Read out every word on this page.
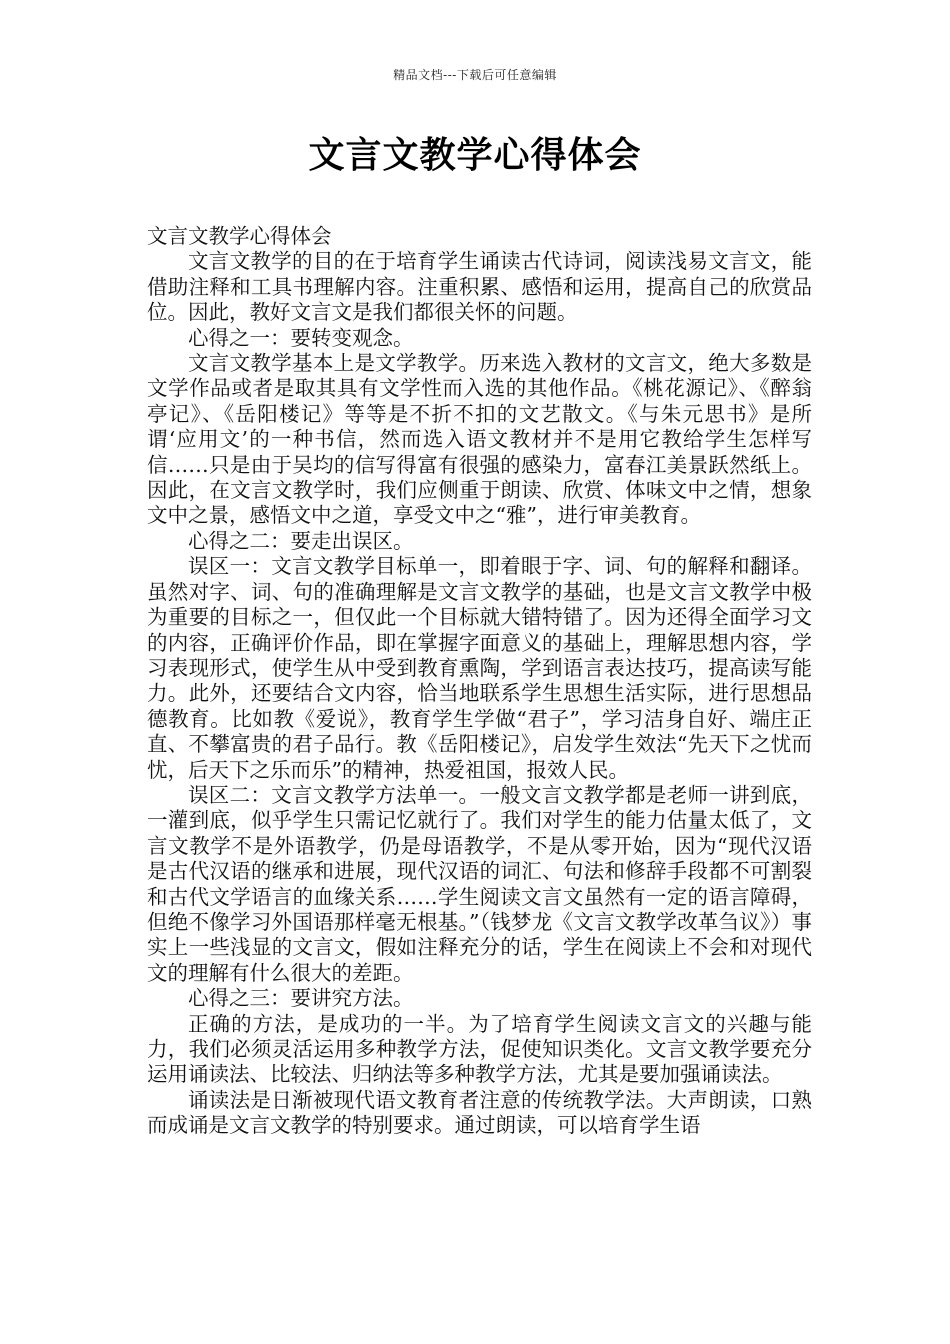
精品文档---下载后可任意编辑
文言文教学心得体会

文言文教学心得体会

文言文教学的目的在于培育学生诵读古代诗词，阅读浅易文言文，能借助注释和工具书理解内容。注重积累、感悟和运用，提高自己的欣赏品位。因此，教好文言文是我们都很关怀的问题。

心得之一：要转变观念。

文言文教学基本上是文学教学。历来选入教材的文言文，绝大多数是文学作品或者是取其具有文学性而入选的其他作品。《桃花源记》、《醉翁亭记》、《岳阳楼记》等等是不折不扣的文艺散文。《与朱元思书》是所谓‘应用文’的一种书信，然而选入语文教材并不是用它教给学生怎样写信……只是由于吴均的信写得富有很强的感染力，富春江美景跃然纸上。因此，在文言文教学时，我们应侧重于朗读、欣赏、体味文中之情，想象文中之景，感悟文中之道，享受文中之“雅”，进行审美教育。

心得之二：要走出误区。

误区一：文言文教学目标单一，即着眼于字、词、句的解释和翻译。虽然对字、词、句的准确理解是文言文教学的基础，也是文言文教学中极为重要的目标之一，但仅此一个目标就大错特错了。因为还得全面学习文的内容，正确评价作品，即在掌握字面意义的基础上，理解思想内容，学习表现形式，使学生从中受到教育熏陶，学到语言表达技巧，提高读写能力。此外，还要结合文内容，恰当地联系学生思想生活实际，进行思想品德教育。比如教《爱说》，教育学生学做“君子”，学习洁身自好、端庄正直、不攀富贵的君子品行。教《岳阳楼记》，启发学生效法“先天下之忧而忧，后天下之乐而乐”的精神，热爱祖国，报效人民。

误区二：文言文教学方法单一。一般文言文教学都是老师一讲到底，一灌到底，似乎学生只需记忆就行了。我们对学生的能力估量太低了，文言文教学不是外语教学，仍是母语教学，不是从零开始，因为“现代汉语是古代汉语的继承和进展，现代汉语的词汇、句法和修辞手段都不可割裂和古代文学语言的血缘关系……学生阅读文言文虽然有一定的语言障碍，但绝不像学习外国语那样毫无根基。”（钱梦龙《文言文教学改革刍议》）事实上一些浅显的文言文，假如注释充分的话，学生在阅读上不会和对现代文的理解有什么很大的差距。

心得之三：要讲究方法。

正确的方法，是成功的一半。为了培育学生阅读文言文的兴趣与能力，我们必须灵活运用多种教学方法，促使知识类化。文言文教学要充分运用诵读法、比较法、归纳法等多种教学方法，尤其是要加强诵读法。

诵读法是日渐被现代语文教育者注意的传统教学法。大声朗读，口熟而成诵是文言文教学的特别要求。通过朗读，可以培育学生语
